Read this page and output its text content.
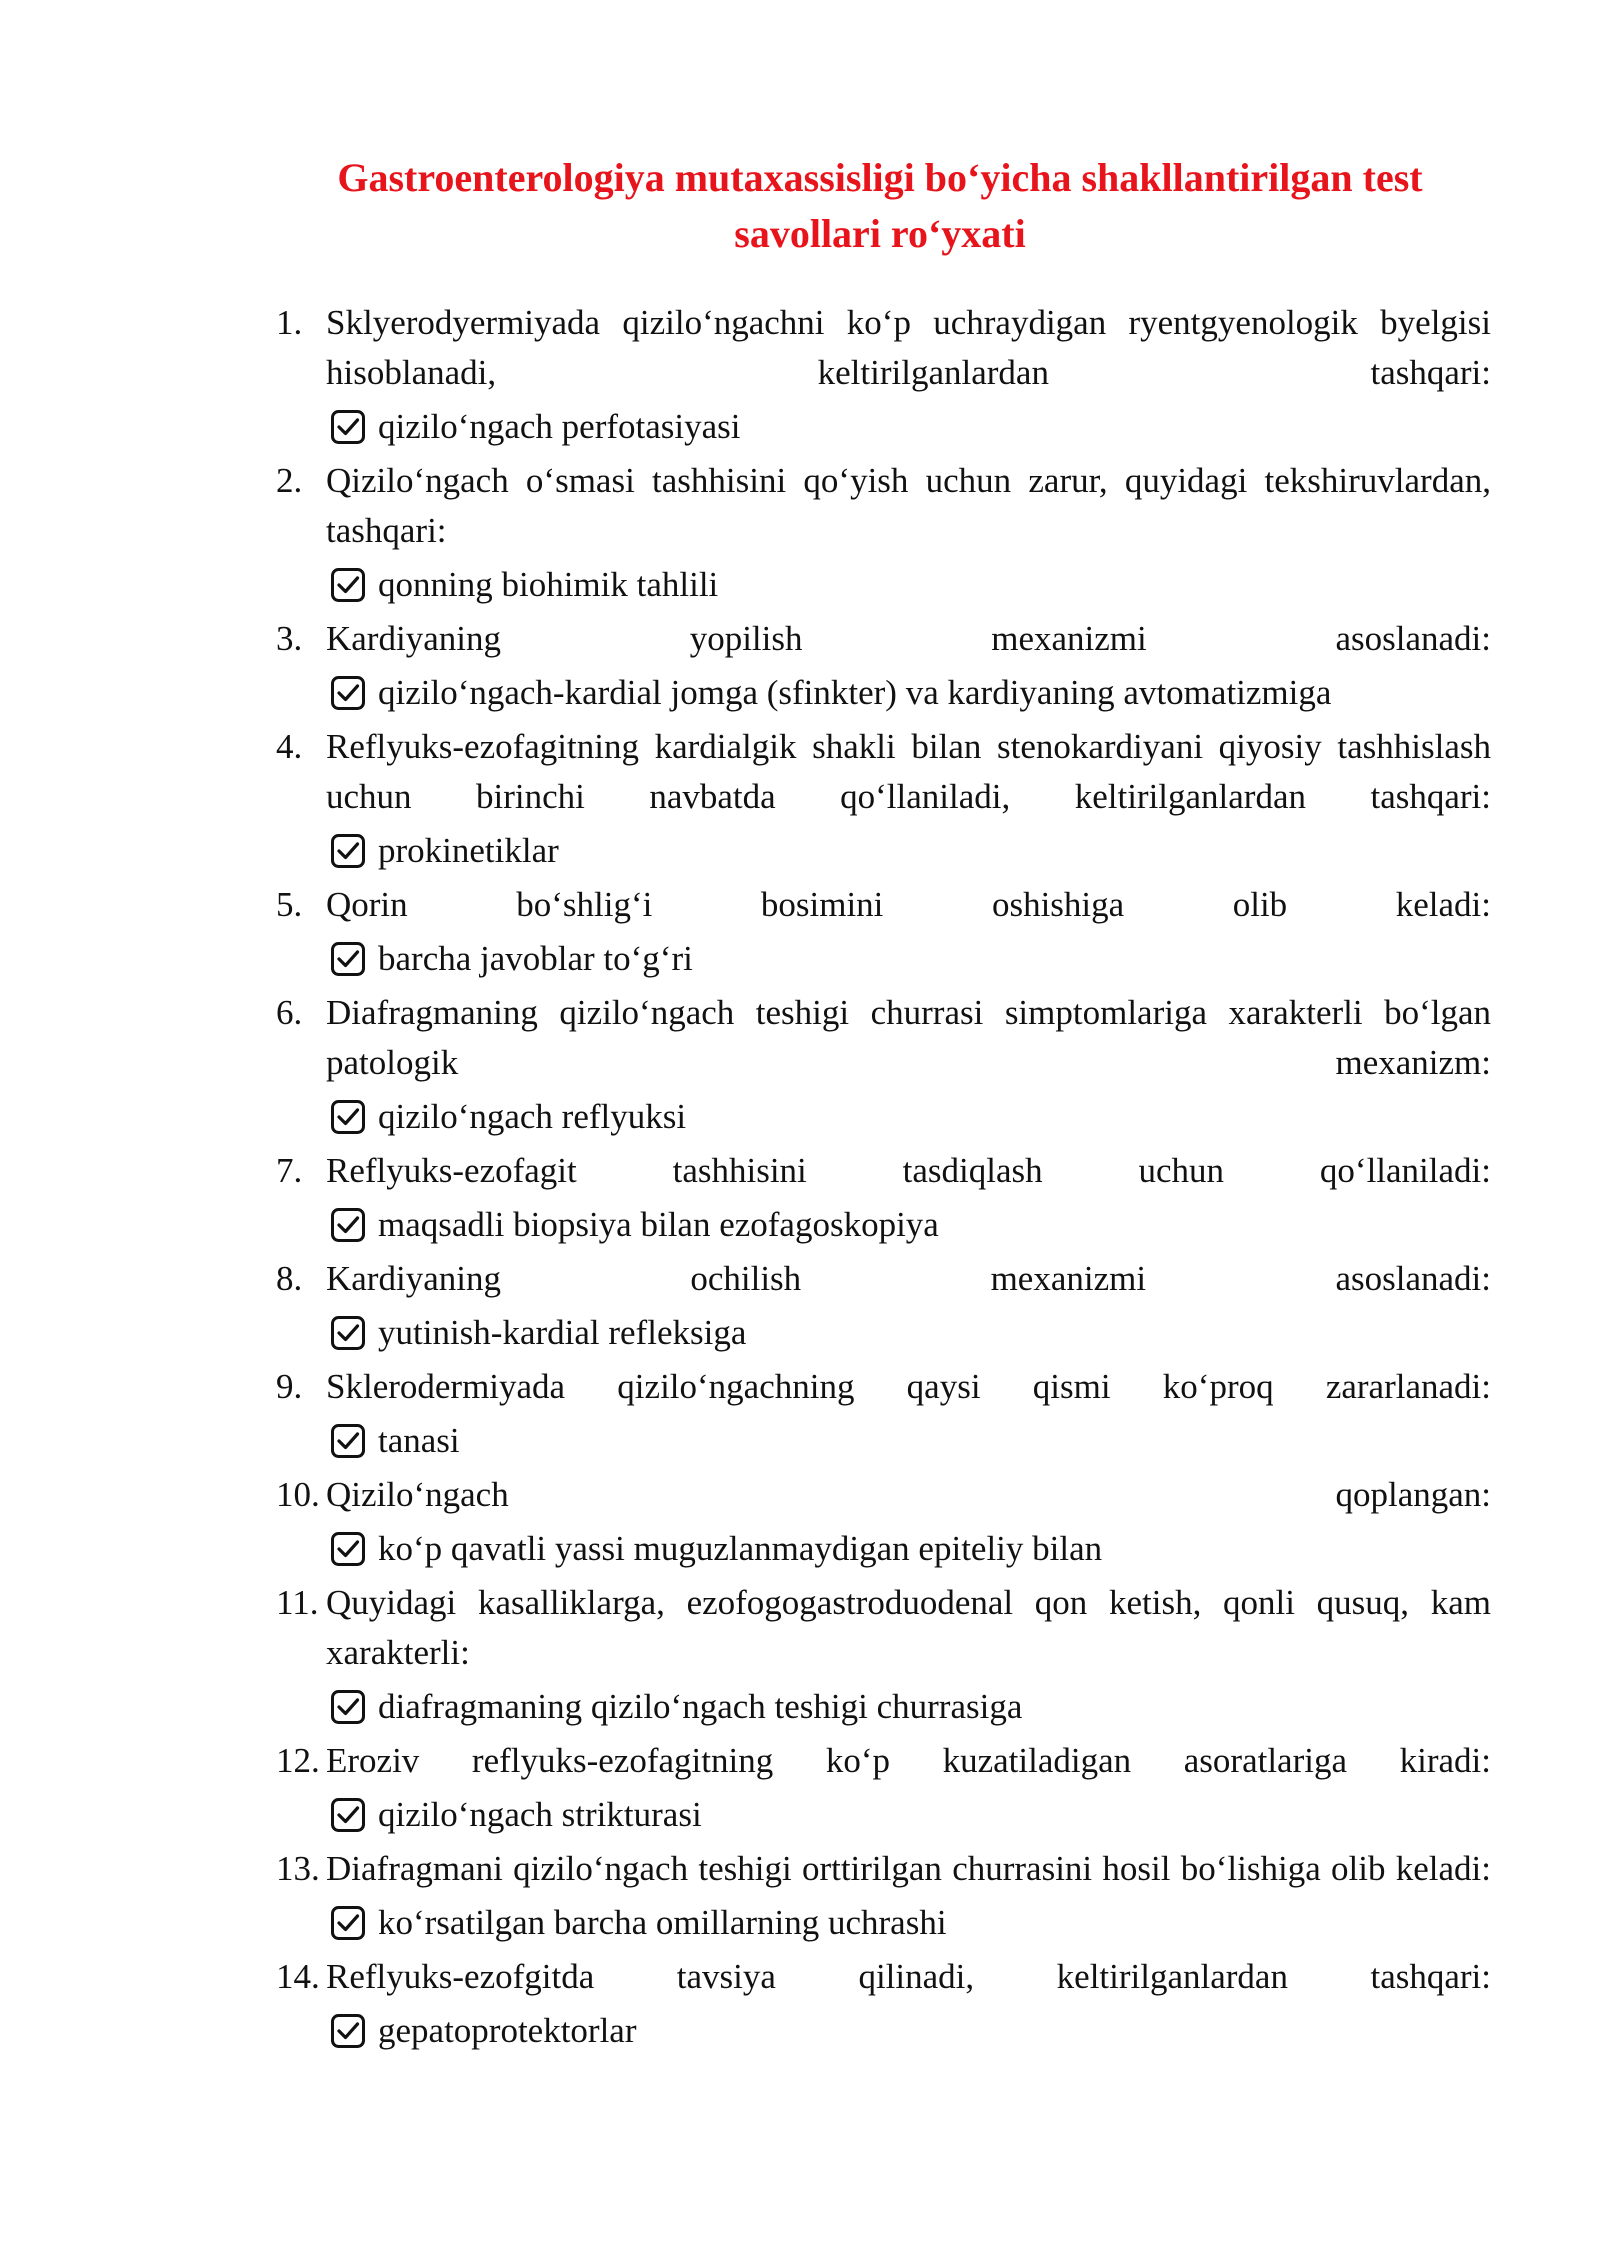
Gastroenterologiya mutaxassisligi bo‘yicha shakllantirilgan test
savollari ro‘yxati
1. Sklyerodyermiyada qizilo‘ngachni ko‘p uchraydigan ryentgyenologik byelgisi hisoblanadi, keltirilganlardan tashqari:
qizilo‘ngach perfotasiyasi
2. Qizilo‘ngach o‘smasi tashhisini qo‘yish uchun zarur, quyidagi tekshiruvlardan, tashqari:
qonning biohimik tahlili
3. Kardiyaning yopilish mexanizmi asoslanadi:
qizilo‘ngach-kardial jomga (sfinkter) va kardiyaning avtomatizmiga
4. Reflyuks-ezofagitning kardialgik shakli bilan stenokardiyani qiyosiy tashhislash uchun birinchi navbatda qo‘llaniladi, keltirilganlardan tashqari:
prokinetiklar
5. Qorin bo‘shlig‘i bosimini oshishiga olib keladi:
barcha javoblar to‘g‘ri
6. Diafragmaning qizilo‘ngach teshigi churrasi simptomlariga xarakterli bo‘lgan patologik mexanizm:
qizilo‘ngach reflyuksi
7. Reflyuks-ezofagit tashhisini tasdiqlash uchun qo‘llaniladi:
maqsadli biopsiya bilan ezofagoskopiya
8. Kardiyaning ochilish mexanizmi asoslanadi:
yutinish-kardial refleksiga
9. Sklerodermiyada qizilo‘ngachning qaysi qismi ko‘proq zararlanadi:
tanasi
10. Qizilo‘ngach qoplangan:
ko‘p qavatli yassi muguzlanmaydigan epiteliy bilan
11. Quyidagi kasalliklarga, ezofogogastroduodenal qon ketish, qonli qusuq, kam xarakterli:
diafragmaning qizilo‘ngach teshigi churrasiga
12. Eroziv reflyuks-ezofagitning ko‘p kuzatiladigan asoratlariga kiradi:
qizilo‘ngach strikturasi
13. Diafragmani qizilo‘ngach teshigi orttirilgan churrasini hosil bo‘lishiga olib keladi:
ko‘rsatilgan barcha omillarning uchrashi
14. Reflyuks-ezofgitda tavsiya qilinadi, keltirilganlardan tashqari:
gepatoprotektorlar
